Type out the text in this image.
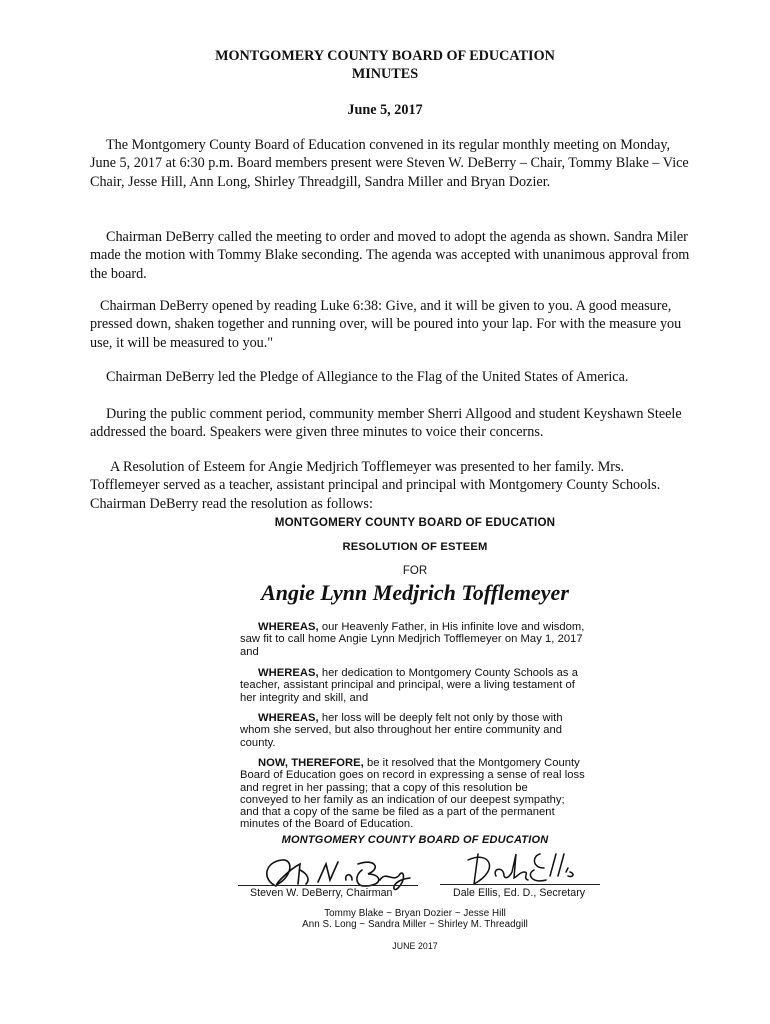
MONTGOMERY COUNTY BOARD OF EDUCATION
MINUTES
June 5, 2017

The Montgomery County Board of Education convened in its regular monthly meeting on Monday, June 5, 2017 at 6:30 p.m. Board members present were Steven W. DeBerry – Chair, Tommy Blake – Vice Chair, Jesse Hill, Ann Long, Shirley Threadgill, Sandra Miller and Bryan Dozier.

Chairman DeBerry called the meeting to order and moved to adopt the agenda as shown. Sandra Miler made the motion with Tommy Blake seconding. The agenda was accepted with unanimous approval from the board.

Chairman DeBerry opened by reading Luke 6:38: Give, and it will be given to you. A good measure, pressed down, shaken together and running over, will be poured into your lap. For with the measure you use, it will be measured to you."

Chairman DeBerry led the Pledge of Allegiance to the Flag of the United States of America.

During the public comment period, community member Sherri Allgood and student Keyshawn Steele addressed the board. Speakers were given three minutes to voice their concerns.

A Resolution of Esteem for Angie Medjrich Tofflemeyer was presented to her family. Mrs. Tofflemeyer served as a teacher, assistant principal and principal with Montgomery County Schools. Chairman DeBerry read the resolution as follows:

MONTGOMERY COUNTY BOARD OF EDUCATION
RESOLUTION OF ESTEEM
FOR
Angie Lynn Medjrich Tofflemeyer
WHEREAS, our Heavenly Father, in His infinite love and wisdom,
saw fit to call home Angie Lynn Medjrich Tofflemeyer on May 1, 2017
and
WHEREAS, her dedication to Montgomery County Schools as a
teacher, assistant principal and principal, were a living testament of
her integrity and skill, and
WHEREAS, her loss will be deeply felt not only by those with
whom she served, but also throughout her entire community and
county.
NOW, THEREFORE, be it resolved that the Montgomery County
Board of Education goes on record in expressing a sense of real loss
and regret in her passing; that a copy of this resolution be
conveyed to her family as an indication of our deepest sympathy;
and that a copy of the same be filed as a part of the permanent
minutes of the Board of Education.
MONTGOMERY COUNTY BOARD OF EDUCATION
Steven W. DeBerry, Chairman	Dale Ellis, Ed. D., Secretary
Tommy Blake ~ Bryan Dozier ~ Jesse Hill
Ann S. Long ~ Sandra Miller ~ Shirley M. Threadgill
JUNE 2017
